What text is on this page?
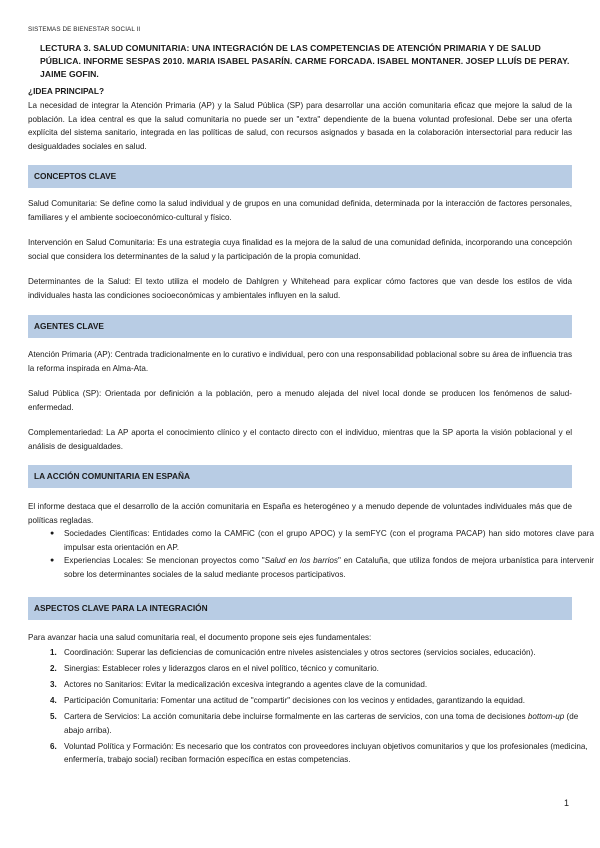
SISTEMAS DE BIENESTAR SOCIAL II
LECTURA 3. SALUD COMUNITARIA: UNA INTEGRACIÓN DE LAS COMPETENCIAS DE ATENCIÓN PRIMARIA Y DE SALUD PÚBLICA. INFORME SESPAS 2010. MARIA ISABEL PASARÍN. CARME FORCADA. ISABEL MONTANER. JOSEP LLUÍS DE PERAY. JAIME GOFIN.
¿IDEA PRINCIPAL?

La necesidad de integrar la Atención Primaria (AP) y la Salud Pública (SP) para desarrollar una acción comunitaria eficaz que mejore la salud de la población. La idea central es que la salud comunitaria no puede ser un "extra" dependiente de la buena voluntad profesional. Debe ser una oferta explícita del sistema sanitario, integrada en las políticas de salud, con recursos asignados y basada en la colaboración intersectorial para reducir las desigualdades sociales en salud.

CONCEPTOS CLAVE

Salud Comunitaria: Se define como la salud individual y de grupos en una comunidad definida, determinada por la interacción de factores personales, familiares y el ambiente socioeconómico-cultural y físico.

Intervención en Salud Comunitaria: Es una estrategia cuya finalidad es la mejora de la salud de una comunidad definida, incorporando una concepción social que considera los determinantes de la salud y la participación de la propia comunidad.

Determinantes de la Salud: El texto utiliza el modelo de Dahlgren y Whitehead para explicar cómo factores que van desde los estilos de vida individuales hasta las condiciones socioeconómicas y ambientales influyen en la salud.

AGENTES CLAVE

Atención Primaria (AP): Centrada tradicionalmente en lo curativo e individual, pero con una responsabilidad poblacional sobre su área de influencia tras la reforma inspirada en Alma-Ata.

Salud Pública (SP): Orientada por definición a la población, pero a menudo alejada del nivel local donde se producen los fenómenos de salud-enfermedad.

Complementariedad: La AP aporta el conocimiento clínico y el contacto directo con el individuo, mientras que la SP aporta la visión poblacional y el análisis de desigualdades.

LA ACCIÓN COMUNITARIA EN ESPAÑA

El informe destaca que el desarrollo de la acción comunitaria en España es heterogéneo y a menudo depende de voluntades individuales más que de políticas regladas.

● Sociedades Científicas: Entidades como la CAMFiC (con el grupo APOC) y la semFYC (con el programa PACAP) han sido motores clave para impulsar esta orientación en AP.
● Experiencias Locales: Se mencionan proyectos como "Salud en los barrios" en Cataluña, que utiliza fondos de mejora urbanística para intervenir sobre los determinantes sociales de la salud mediante procesos participativos.
ASPECTOS CLAVE PARA LA INTEGRACIÓN

Para avanzar hacia una salud comunitaria real, el documento propone seis ejes fundamentales:

1. Coordinación: Superar las deficiencias de comunicación entre niveles asistenciales y otros sectores (servicios sociales, educación).
2. Sinergias: Establecer roles y liderazgos claros en el nivel político, técnico y comunitario.
3. Actores no Sanitarios: Evitar la medicalización excesiva integrando a agentes clave de la comunidad.
4. Participación Comunitaria: Fomentar una actitud de "compartir" decisiones con los vecinos y entidades, garantizando la equidad.
5. Cartera de Servicios: La acción comunitaria debe incluirse formalmente en las carteras de servicios, con una toma de decisiones bottom-up (de abajo arriba).
6. Voluntad Política y Formación: Es necesario que los contratos con proveedores incluyan objetivos comunitarios y que los profesionales (medicina, enfermería, trabajo social) reciban formación específica en estas competencias.
1
